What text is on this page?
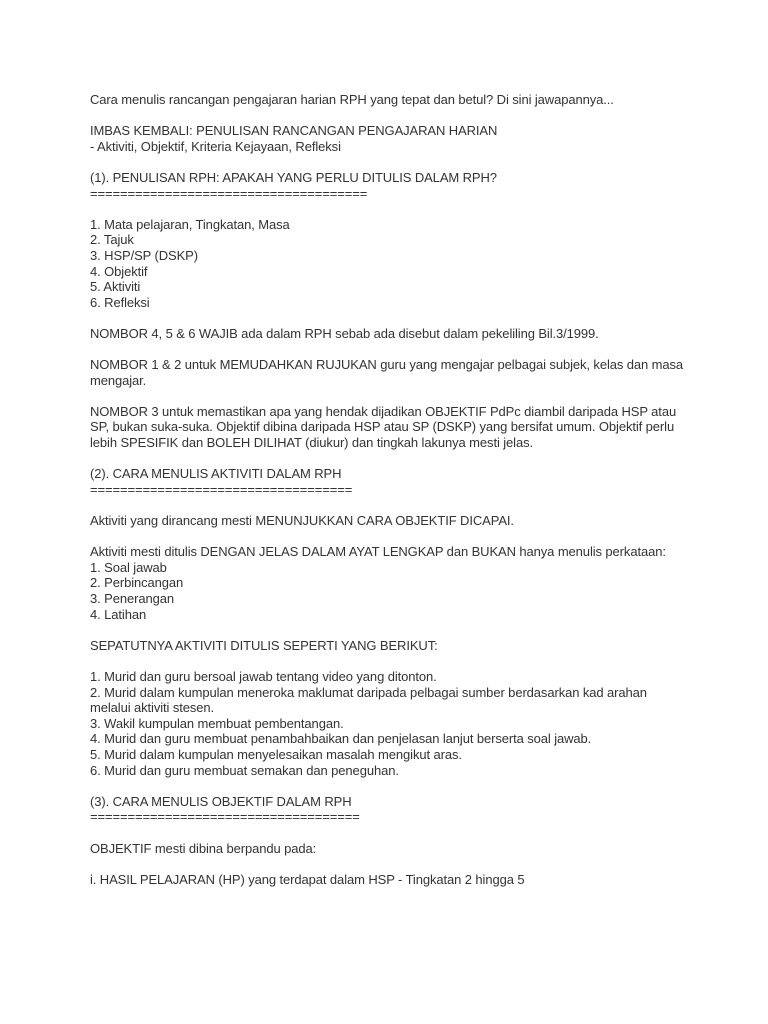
Cara menulis rancangan pengajaran harian RPH yang tepat dan betul? Di sini jawapannya...
IMBAS KEMBALI: PENULISAN RANCANGAN PENGAJARAN HARIAN
- Aktiviti, Objektif, Kriteria Kejayaan, Refleksi
(1). PENULISAN RPH: APAKAH YANG PERLU DITULIS DALAM RPH?
=====================================
1. Mata pelajaran, Tingkatan, Masa
2. Tajuk
3. HSP/SP (DSKP)
4. Objektif
5. Aktiviti
6. Refleksi
NOMBOR 4, 5 & 6 WAJIB ada dalam RPH sebab ada disebut dalam pekeliling Bil.3/1999.
NOMBOR 1 & 2 untuk MEMUDAHKAN RUJUKAN guru yang mengajar pelbagai subjek, kelas dan masa mengajar.
NOMBOR 3 untuk memastikan apa yang hendak dijadikan OBJEKTIF PdPc diambil daripada HSP atau SP, bukan suka-suka. Objektif dibina daripada HSP atau SP (DSKP) yang bersifat umum. Objektif perlu lebih SPESIFIK dan BOLEH DILIHAT (diukur) dan tingkah lakunya mesti jelas.
(2). CARA MENULIS AKTIVITI DALAM RPH
===================================
Aktiviti yang dirancang mesti MENUNJUKKAN CARA OBJEKTIF DICAPAI.
Aktiviti mesti ditulis DENGAN JELAS DALAM AYAT LENGKAP dan BUKAN hanya menulis perkataan:
1. Soal jawab
2. Perbincangan
3. Penerangan
4. Latihan
SEPATUTNYA AKTIVITI DITULIS SEPERTI YANG BERIKUT:
1. Murid dan guru bersoal jawab tentang video yang ditonton.
2. Murid dalam kumpulan meneroka maklumat daripada pelbagai sumber berdasarkan kad arahan melalui aktiviti stesen.
3. Wakil kumpulan membuat pembentangan.
4. Murid dan guru membuat penambahbaikan dan penjelasan lanjut berserta soal jawab.
5. Murid dalam kumpulan menyelesaikan masalah mengikut aras.
6. Murid dan guru membuat semakan dan peneguhan.
(3). CARA MENULIS OBJEKTIF DALAM RPH
====================================
OBJEKTIF mesti dibina berpandu pada:
i. HASIL PELAJARAN (HP) yang terdapat dalam HSP - Tingkatan 2 hingga 5
